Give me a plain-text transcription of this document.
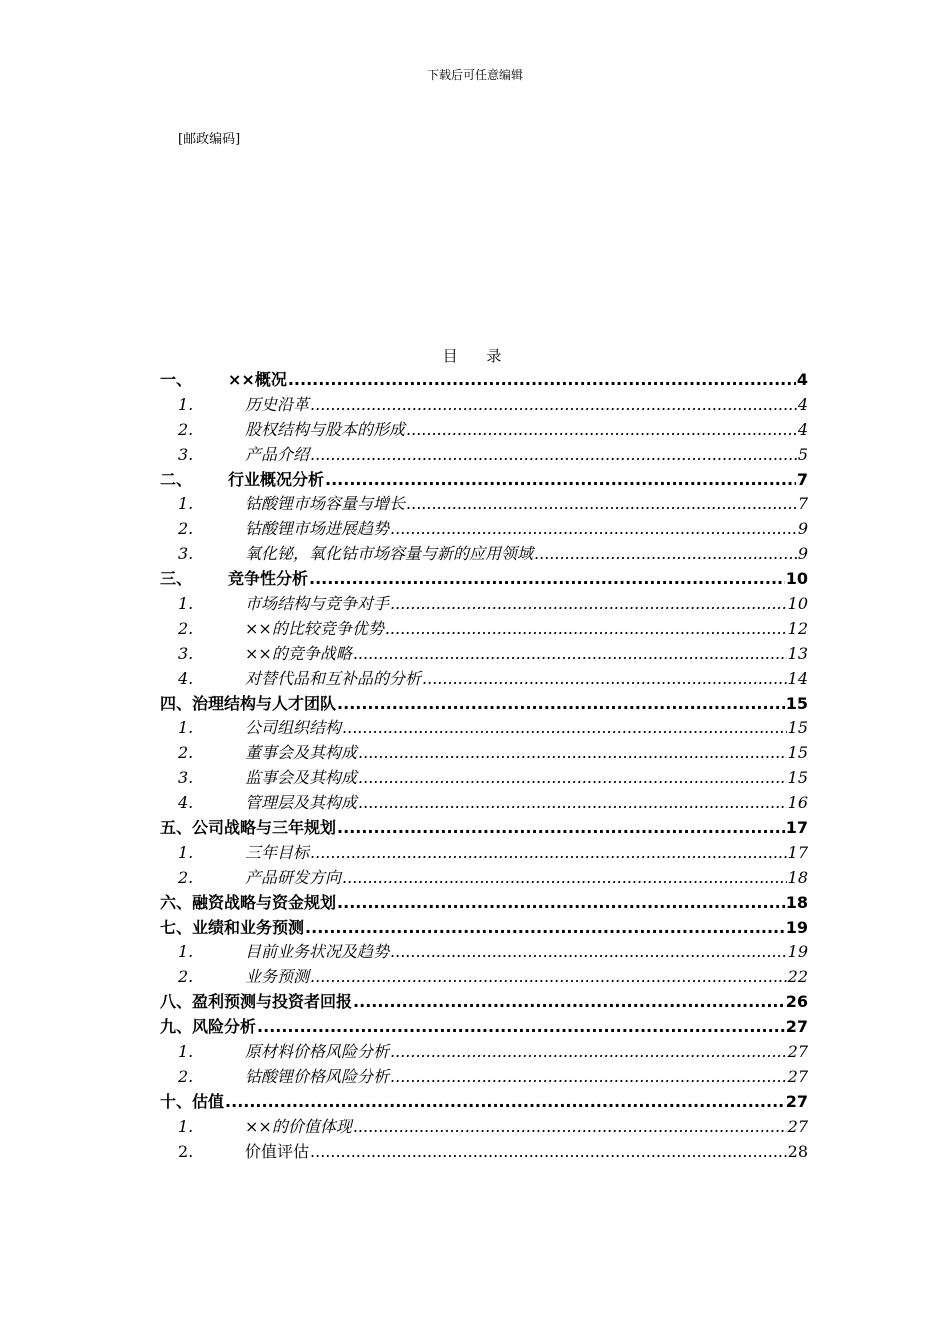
下载后可任意编辑
[邮政编码]
目 录
一、	××概况 .....	4
1.	历史沿革 .....	4
2.	股权结构与股本的形成 .....	4
3.	产品介绍 .....	5
二、	行业概况分析 .....	7
1.	钴酸锂市场容量与增长 .....	7
2.	钴酸锂市场进展趋势 .....	9
3.	氧化铋，氧化钴市场容量与新的应用领域 .....	9
三、	竞争性分析 .....	10
1.	市场结构与竞争对手 .....	10
2.	××的比较竞争优势 .....	12
3.	××的竞争战略 .....	13
4.	对替代品和互补品的分析 .....	14
四、 治理结构与人才团队 .....	15
1.	公司组织结构 .....	15
2.	董事会及其构成 .....	15
3.	监事会及其构成 .....	15
4.	管理层及其构成 .....	16
五、 公司战略与三年规划 .....	17
1.	三年目标 .....	17
2.	产品研发方向 .....	18
六、 融资战略与资金规划 .....	18
七、 业绩和业务预测 .....	19
1.	目前业务状况及趋势 .....	19
2.	业务预测 .....	22
八、 盈利预测与投资者回报 .....	26
九、 风险分析 .....	27
1.	原材料价格风险分析 .....	27
2.	钴酸锂价格风险分析 .....	27
十、 估值 .....	27
1.	××的价值体现 .....	27
2.	价值评估 .....	28
